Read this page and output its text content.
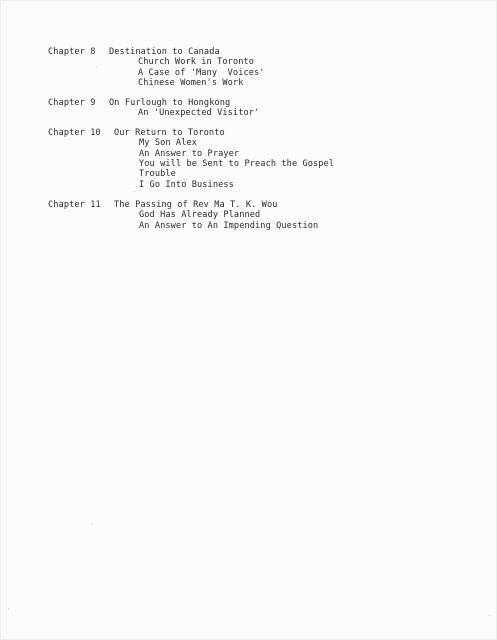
Chapter 8 Destination to Canada
Church Work in Toronto
A Case of 'Many  Voices'
Chinese Women's Work
Chapter 9 On Furlough to Hongkong
An 'Unexpected Visitor'
Chapter 10 Our Return to Toronto
My Son Alex
An Answer to Prayer
You will be Sent to Preach the Gospel
Trouble
I Go Into Business
Chapter 11 The Passing of Rev Ma T. K. Wou
God Has Already Planned
An Answer to An Impending Question
